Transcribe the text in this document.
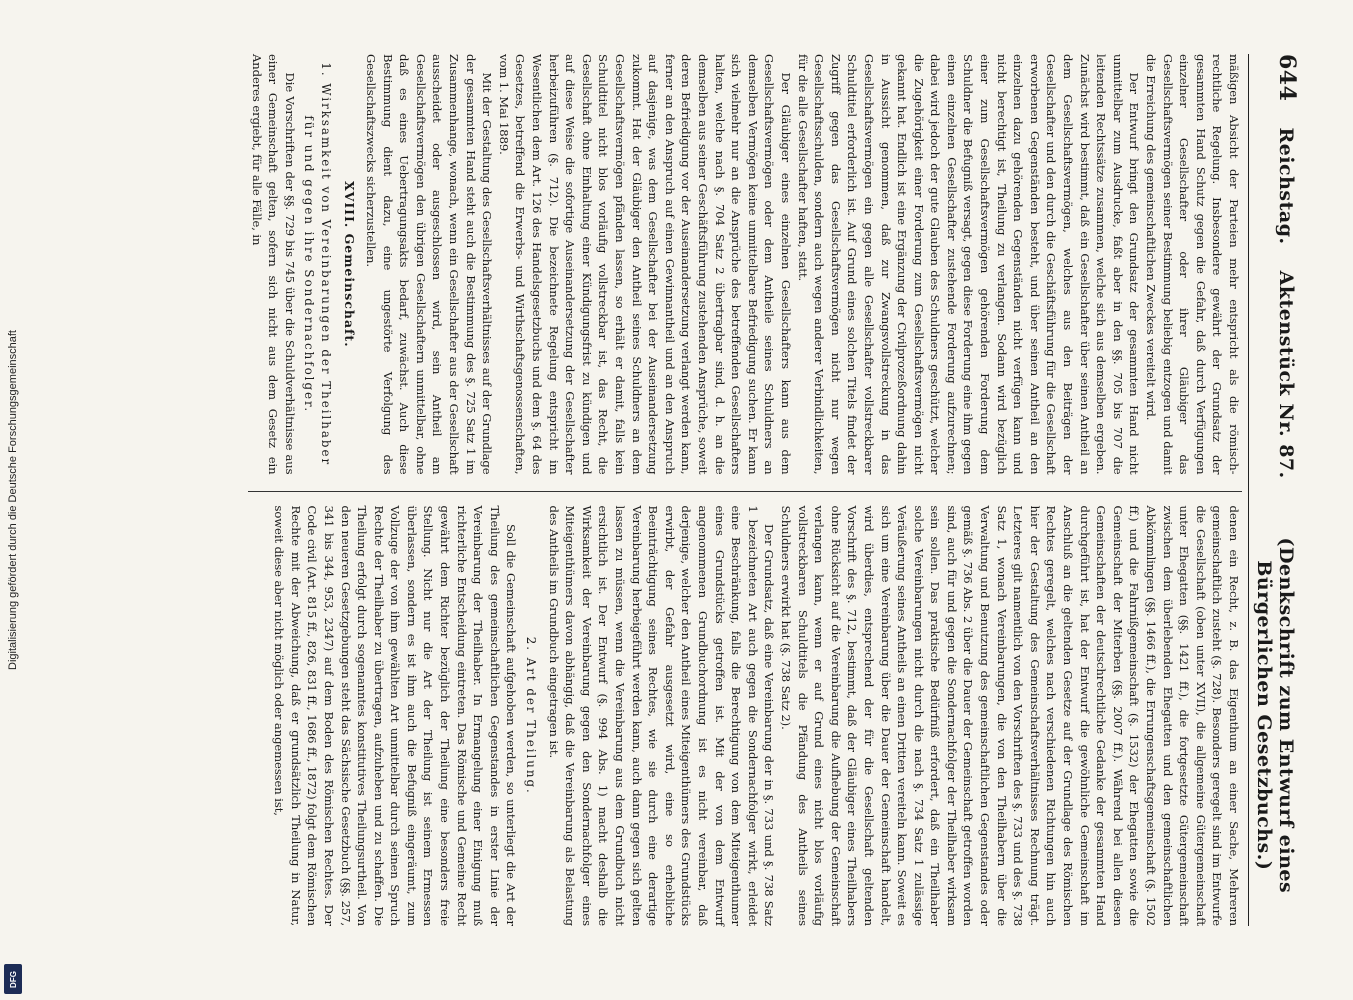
Digitalisierung gefördert durch die Deutsche Forschungsgemeinschaft
DFG
644
Reichstag.
Aktenstück Nr. 87.
(Denkschrift zum Entwurf eines Bürgerlichen Gesetzbuchs.)

mäßigen Absicht der Parteien mehr entspricht als die römisch-rechtliche Regelung. Insbesondere gewährt der Grundsatz der gesammten Hand Schutz gegen die Gefahr, daß durch Verfügungen einzelner Gesellschafter oder ihrer Gläubiger das Gesellschaftsvermögen seiner Bestimmung beliebig entzogen und damit die Erreichung des gemeinschaftlichen Zweckes vereitelt wird.

Der Entwurf bringt den Grundsatz der gesammten Hand nicht unmittelbar zum Ausdrucke, faßt aber in den §§. 705 bis 707 die leitenden Rechtssätze zusammen, welche sich aus demselben ergeben. Zunächst wird bestimmt, daß ein Gesellschafter über seinen Antheil an dem Gesellschaftsvermögen, welches aus den Beiträgen der Gesellschafter und den durch die Geschäftsführung für die Gesellschaft erworbenen Gegenständen besteht, und über seinen Antheil an den einzelnen dazu gehörenden Gegenständen nicht verfügen kann und nicht berechtigt ist, Theilung zu verlangen. Sodann wird bezüglich einer zum Gesellschaftsvermögen gehörenden Forderung dem Schuldner die Befugniß versagt, gegen diese Forderung eine ihm gegen einen einzelnen Gesellschafter zustehende Forderung aufzurechnen; dabei wird jedoch der gute Glauben des Schuldners geschützt, welcher die Zugehörigkeit einer Forderung zum Gesellschaftsvermögen nicht gekannt hat. Endlich ist eine Ergänzung der Civilprozeßordnung dahin in Aussicht genommen, daß zur Zwangsvollstreckung in das Gesellschaftsvermögen ein gegen alle Gesellschafter vollstreckbarer Schuldtitel erforderlich ist. Auf Grund eines solchen Titels findet der Zugriff gegen das Gesellschaftsvermögen nicht nur wegen Gesellschaftsschulden, sondern auch wegen anderer Verbindlichkeiten, für die alle Gesellschafter haften, statt.

Der Gläubiger eines einzelnen Gesellschafters kann aus dem Gesellschaftsvermögen oder dem Antheile seines Schuldners an demselben Vermögen keine unmittelbare Befriedigung suchen. Er kann sich vielmehr nur an die Ansprüche des betreffenden Gesellschafters halten, welche nach §. 704 Satz 2 übertragbar sind, d. h. an die demselben aus seiner Geschäftsführung zustehenden Ansprüche, soweit deren Befriedigung vor der Auseinandersetzung verlangt werden kann, ferner an den Anspruch auf einen Gewinnantheil und an den Anspruch auf dasjenige, was dem Gesellschafter bei der Auseinandersetzung zukommt. Hat der Gläubiger den Antheil seines Schuldners an dem Gesellschaftsvermögen pfänden lassen, so erhält er damit, falls kein Schuldtitel nicht blos vorläufig vollstreckbar ist, das Recht, die Gesellschaft ohne Einhaltung einer Kündigungsfrist zu kündigen und auf diese Weise die sofortige Auseinandersetzung der Gesellschafter herbeizuführen (§. 712). Die bezeichnete Regelung entspricht im Wesentlichen dem Art. 126 des Handelsgesetzbuchs und dem §. 64 des Gesetzes, betreffend die Erwerbs- und Wirthschaftsgenossenschaften, vom 1. Mai 1889.

Mit der Gestaltung des Gesellschaftsverhältnisses auf der Grundlage der gesammten Hand steht auch die Bestimmung des §. 725 Satz 1 im Zusammenhange, wonach, wenn ein Gesellschafter aus der Gesellschaft ausscheidet oder ausgeschlossen wird, sein Antheil am Gesellschaftsvermögen den übrigen Gesellschaftern unmittelbar, ohne daß es eines Uebertragungsakts bedarf, zuwächst. Auch diese Bestimmung dient dazu, eine ungestörte Verfolgung des Gesellschaftszwecks sicherzustellen.

XVIII. Gemeinschaft.
1. Wirksamkeit von Vereinbarungen der Theilhaber für und gegen ihre Sondernachfolger.

Die Vorschriften der §§. 729 bis 745 über die Schuldverhältnisse aus einer Gemeinschaft gelten, sofern sich nicht aus dem Gesetz ein Anderes ergiebt, für alle Fälle, in

denen ein Recht, z. B. das Eigenthum an einer Sache, Mehreren gemeinschaftlich zusteht (§. 728). Besonders geregelt sind im Entwurfe die Gesellschaft (oben unter XVII), die allgemeine Gütergemeinschaft unter Ehegatten (§§. 1421 ff.), die fortgesetzte Gütergemeinschaft zwischen dem überlebenden Ehegatten und den gemeinschaftlichen Abkömmlingen (§§. 1466 ff.), die Errungenschaftsgemeinschaft (§. 1502 ff.) und die Fahrnißgemeinschaft (§. 1532) der Ehegatten sowie die Gemeinschaft der Miterben (§§. 2007 ff.). Während bei allen diesen Gemeinschaften der deutschrechtliche Gedanke der gesammten Hand durchgeführt ist, hat der Entwurf die gewöhnliche Gemeinschaft im Anschluß an die geltenden Gesetze auf der Grundlage des Römischen Rechtes geregelt, welches nach verschiedenen Richtungen hin auch hier der Gestaltung des Gemeinschaftsverhältnisses Rechnung trägt. Letzteres gilt namentlich von den Vorschriften des §. 733 und des §. 738 Satz 1, wonach Vereinbarungen, die von den Theilhabern über die Verwaltung und Benutzung des gemeinschaftlichen Gegenstandes oder gemäß §. 736 Abs. 2 über die Dauer der Gemeinschaft getroffen worden sind, auch für und gegen die Sondernachfolger der Theilhaber wirksam sein sollen. Das praktische Bedürfniß erfordert, daß ein Theilhaber solche Vereinbarungen nicht durch die nach §. 734 Satz 1 zulässige Veräußerung seines Antheils an einen Dritten vereiteln kann. Soweit es sich um eine Vereinbarung über die Dauer der Gemeinschaft handelt, wird überdies, entsprechend der für die Gesellschaft geltenden Vorschrift des §. 712, bestimmt, daß der Gläubiger eines Theilhabers ohne Rücksicht auf die Vereinbarung die Aufhebung der Gemeinschaft verlangen kann, wenn er auf Grund eines nicht blos vorläufig vollstreckbaren Schuldtitels die Pfändung des Antheils seines Schuldners erwirkt hat (§. 738 Satz 2).

Der Grundsatz, daß eine Vereinbarung der in §. 733 und §. 738 Satz 1 bezeichneten Art auch gegen die Sondernachfolger wirkt, erleidet eine Beschränkung, falls die Berechtigung von dem Miteigenthumer eines Grundstücks getroffen ist. Mit der von dem Entwurf angenommenen Grundbuchordnung ist es nicht vereinbar, daß derjenige, welcher den Antheil eines Miteigenthümers des Grundstücks erwirbt, der Gefahr ausgesetzt wird, eine so erhebliche Beeinträchtigung seines Rechtes, wie sie durch eine derartige Vereinbarung herbeigeführt werden kann, auch dann gegen sich gelten lassen zu müssen, wenn die Vereinbarung aus dem Grundbuch nicht ersichtlich ist. Der Entwurf (§. 994 Abs. 1) macht deshalb die Wirksamkeit der Vereinbarung gegen den Sondernachfolger eines Miteigenthümers davon abhängig, daß die Vereinbarung als Belastung des Antheils im Grundbuch eingetragen ist.

2. Art der Theilung.

Soll die Gemeinschaft aufgehoben werden, so unterliegt die Art der Theilung des gemeinschaftlichen Gegenstandes in erster Linie der Vereinbarung der Theilhaber. In Ermangelung einer Einigung muß richterliche Entscheidung eintreten. Das Römische und Gemeine Recht gewährt dem Richter bezüglich der Theilung eine besonders freie Stellung. Nicht nur die Art der Theilung ist seinem Ermessen überlassen, sondern es ist ihm auch die Befugniß eingeräumt, zum Vollzuge der von ihm gewählten Art unmittelbar durch seinen Spruch Rechte der Theilhaber zu übertragen, aufzuheben und zu schaffen. Die Theilung erfolgt durch sogenanntes konstitutives Theilungsurtheil. Von den neueren Gesetzgebungen steht das Sächsische Gesetzbuch (§§. 257, 341 bis 344, 953, 2347) auf dem Boden des Römischen Rechtes. Der Code civil (Art. 815 ff., 826, 831 ff., 1686 ff., 1872) folgt dem Römischen Rechte mit der Abweichung, daß er grundsätzlich Theilung in Natur, soweit diese aber nicht möglich oder angemessen ist,
